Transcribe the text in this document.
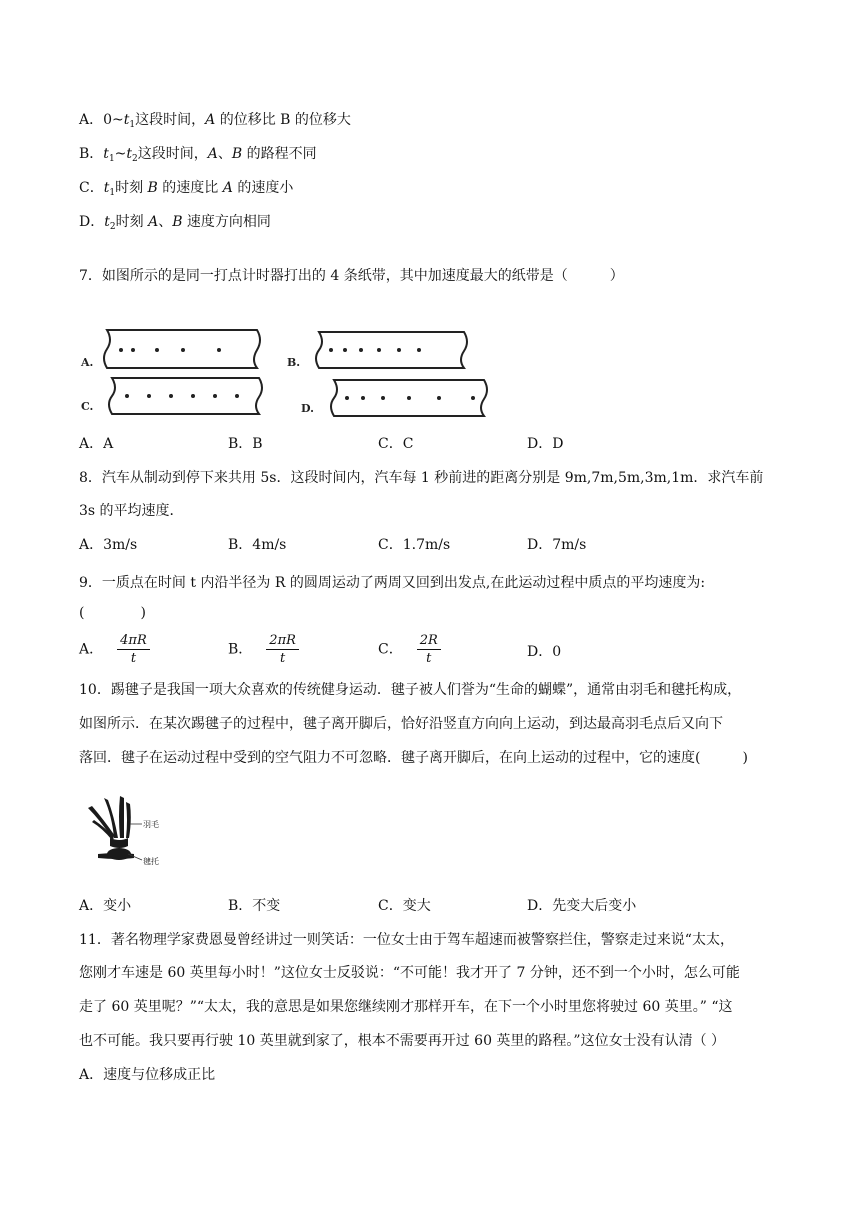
A．$0\sim t_1$这段时间，A 的位移比 B 的位移大
B．$t_1\sim t_2$这段时间，A、B 的路程不同
C．$t_1$时刻 B 的速度比 A 的速度小
D．$t_2$时刻 A、B 速度方向相同
7．如图所示的是同一打点计时器打出的 4 条纸带，其中加速度最大的纸带是（　　　）
A.	B.
C.	D.
A．A	B．B	C．C	D．D
8．汽车从制动到停下来共用 5s．这段时间内，汽车每 1 秒前进的距离分别是 9m,7m,5m,3m,1m．求汽车前
3s 的平均速度．
A．3m/s	B．4m/s	C．1.7m/s	D．7m/s
9．一质点在时间 t 内沿半径为 R 的圆周运动了两周又回到出发点,在此运动过程中质点的平均速度为:
(　　　　)
A． $\frac{4\pi R}{t}$	B． $\frac{2\pi R}{t}$	C． $\frac{2R}{t}$	D．0
10．踢毽子是我国一项大众喜欢的传统健身运动．毽子被人们誉为“生命的蝴蝶”，通常由羽毛和毽托构成，
如图所示．在某次踢毽子的过程中，毽子离开脚后，恰好沿竖直方向向上运动，到达最高羽毛点后又向下
落回．毽子在运动过程中受到的空气阻力不可忽略．毽子离开脚后，在向上运动的过程中，它的速度(　　　)
羽毛
毽托
A．变小	B．不变	C．变大	D．先变大后变小
11．著名物理学家费恩曼曾经讲过一则笑话：一位女士由于驾车超速而被警察拦住，警察走过来说“太太，
您刚才车速是 60 英里每小时！”这位女士反驳说：“不可能！我才开了 7 分钟，还不到一个小时，怎么可能
走了 60 英里呢？”“太太，我的意思是如果您继续刚才那样开车，在下一个小时里您将驶过 60 英里。” “这
也不可能。我只要再行驶 10 英里就到家了，根本不需要再开过 60 英里的路程。”这位女士没有认清（ ）
A．速度与位移成正比
